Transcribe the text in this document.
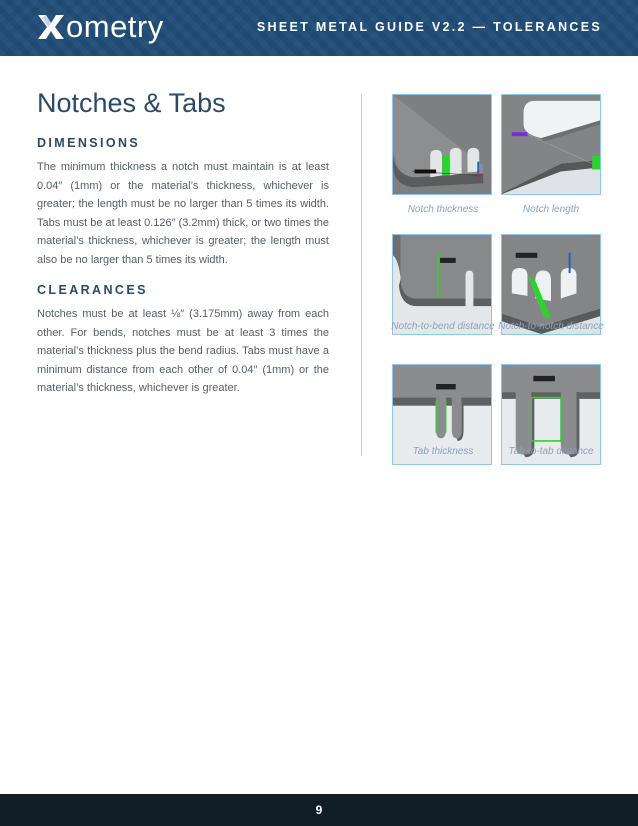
ometry	SHEET METAL GUIDE V2.2 — TOLERANCES
Notches & Tabs
DIMENSIONS

The minimum thickness a notch must maintain is at least 0.04″ (1mm) or the material’s thickness, whichever is greater; the length must be no larger than 5 times its width. Tabs must be at least 0.126″ (3.2mm) thick, or two times the material’s thickness, whichever is greater; the length must also be no larger than 5 times its width.

CLEARANCES

Notches must be at least ⅛″ (3.175mm) away from each other. For bends, notches must be at least 3 times the material’s thickness plus the bend radius. Tabs must have a minimum distance from each other of 0.04″ (1mm) or the material’s thickness, whichever is greater.

Notch thickness	Notch length
Notch-to-bend distance Notch-to-notch distance
Tab thickness	Tab-to-tab distance
9
